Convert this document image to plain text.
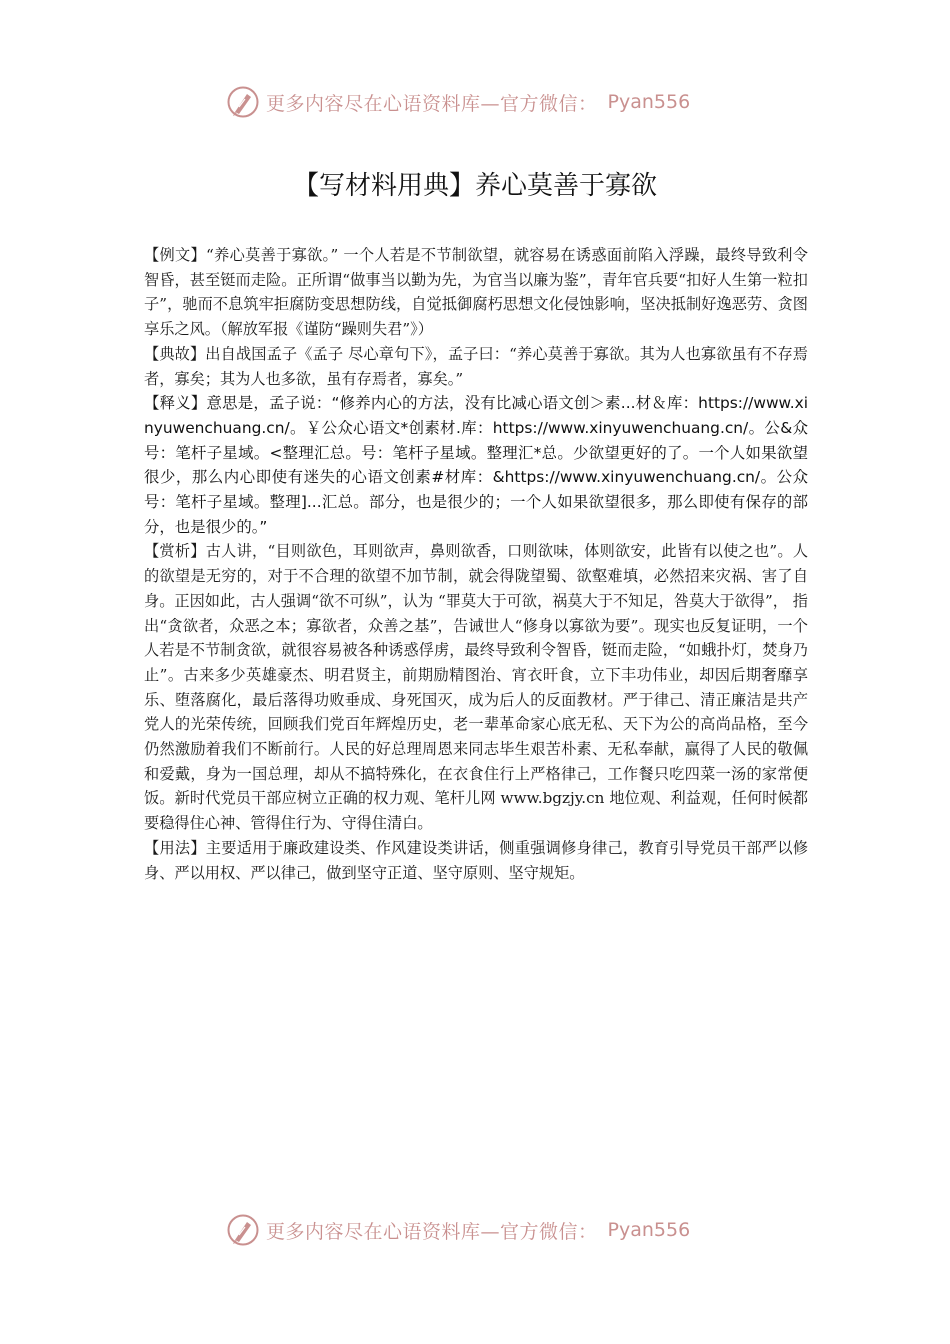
更多内容尽在心语资料库—官方微信： Pyan556
【写材料用典】养心莫善于寡欲

【例文】“养心莫善于寡欲。” 一个人若是不节制欲望，就容易在诱惑面前陷入浮躁，最终导致利令智昏，甚至铤而走险。正所谓“做事当以勤为先，为官当以廉为鉴”，青年官兵要“扣好人生第一粒扣子”，驰而不息筑牢拒腐防变思想防线，自觉抵御腐朽思想文化侵蚀影响，坚决抵制好逸恶劳、贪图享乐之风。（解放军报《谨防“躁则失君”》）

【典故】出自战国孟子《孟子 尽心章句下》，孟子曰：“养心莫善于寡欲。其为人也寡欲虽有不存焉者，寡矣；其为人也多欲，虽有存焉者，寡矣。”

【释义】意思是，孟子说：“修养内心的方法，没有比减心语文创＞素...材＆库：https://www.xinyuwenchuang.cn/。￥公众心语文*创素材.库：https://www.xinyuwenchuang.cn/。公&众号：笔杆子星域。<整理汇总。号：笔杆子星域。整理汇*总。少欲望更好的了。一个人如果欲望很少，那么内心即使有迷失的心语文创素#材库：&https://www.xinyuwenchuang.cn/。公众号：笔杆子星域。整理]...汇总。部分，也是很少的；一个人如果欲望很多，那么即使有保存的部分，也是很少的。”

【赏析】古人讲，“目则欲色，耳则欲声，鼻则欲香，口则欲味，体则欲安，此皆有以使之也”。人的欲望是无穷的，对于不合理的欲望不加节制，就会得陇望蜀、欲壑难填，必然招来灾祸、害了自身。正因如此，古人强调“欲不可纵”，认为 “罪莫大于可欲，祸莫大于不知足，咎莫大于欲得”， 指出“贪欲者，众恶之本；寡欲者，众善之基”，告诫世人“修身以寡欲为要”。现实也反复证明，一个人若是不节制贪欲，就很容易被各种诱惑俘虏，最终导致利令智昏，铤而走险，“如蛾扑灯，焚身乃止”。古来多少英雄豪杰、明君贤主，前期励精图治、宵衣旰食，立下丰功伟业，却因后期奢靡享乐、堕落腐化，最后落得功败垂成、身死国灭，成为后人的反面教材。严于律己、清正廉洁是共产党人的光荣传统，回顾我们党百年辉煌历史，老一辈革命家心底无私、天下为公的高尚品格，至今仍然激励着我们不断前行。人民的好总理周恩来同志毕生艰苦朴素、无私奉献，赢得了人民的敬佩和爱戴，身为一国总理，却从不搞特殊化，在衣食住行上严格律己，工作餐只吃四菜一汤的家常便饭。新时代党员干部应树立正确的权力观、笔杆儿网 www.bgzjy.cn 地位观、利益观，任何时候都要稳得住心神、管得住行为、守得住清白。

【用法】主要适用于廉政建设类、作风建设类讲话，侧重强调修身律己，教育引导党员干部严以修身、严以用权、严以律己，做到坚守正道、坚守原则、坚守规矩。

更多内容尽在心语资料库—官方微信： Pyan556
